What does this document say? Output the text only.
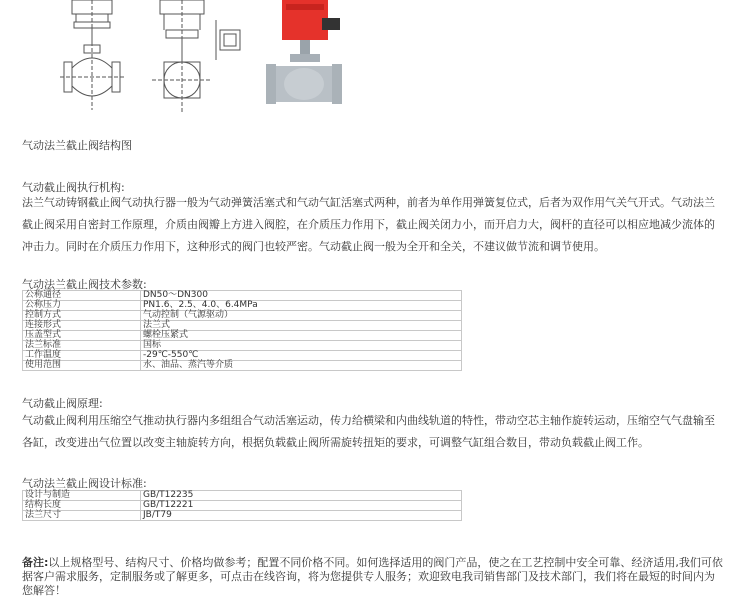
气动法兰截止阀结构图
气动截止阀执行机构:

法兰气动铸钢截止阀气动执行器一般为气动弹簧活塞式和气动气缸活塞式两种，前者为单作用弹簧复位式，后者为双作用气关气开式。气动法兰截止阀采用自密封工作原理，介质由阀瓣上方进入阀腔，在介质压力作用下，截止阀关闭力小，而开启力大，阀杆的直径可以相应地减少流体的冲击力。同时在介质压力作用下，这种形式的阀门也较严密。气动截止阀一般为全开和全关，不建议做节流和调节使用。

气动法兰截止阀技术参数:
公称通径	DN50～DN300
公称压力	PN1.6、2.5、4.0、6.4MPa
控制方式	气动控制（气源驱动）
连接形式	法兰式
压盖型式	螺栓压紧式
法兰标准	国标
工作温度	-29℃-550℃
使用范围	水、油品、蒸汽等介质
气动截止阀原理:

气动截止阀利用压缩空气推动执行器内多组组合气动活塞运动，传力给横梁和内曲线轨道的特性，带动空芯主轴作旋转运动，压缩空气气盘输至各缸，改变进出气位置以改变主轴旋转方向，根据负载截止阀所需旋转扭矩的要求，可调整气缸组合数目，带动负载截止阀工作。

气动法兰截止阀设计标准:
设计与制造	GB/T12235
结构长度	GB/T12221
法兰尺寸	JB/T79

备注:以上规格型号、结构尺寸、价格均做参考；配置不同价格不同。如何选择适用的阀门产品，使之在工艺控制中安全可靠、经济适用,我们可依据客户需求服务，定制服务或了解更多，可点击在线咨询，将为您提供专人服务；欢迎致电我司销售部门及技术部门，我们将在最短的时间内为您解答！
